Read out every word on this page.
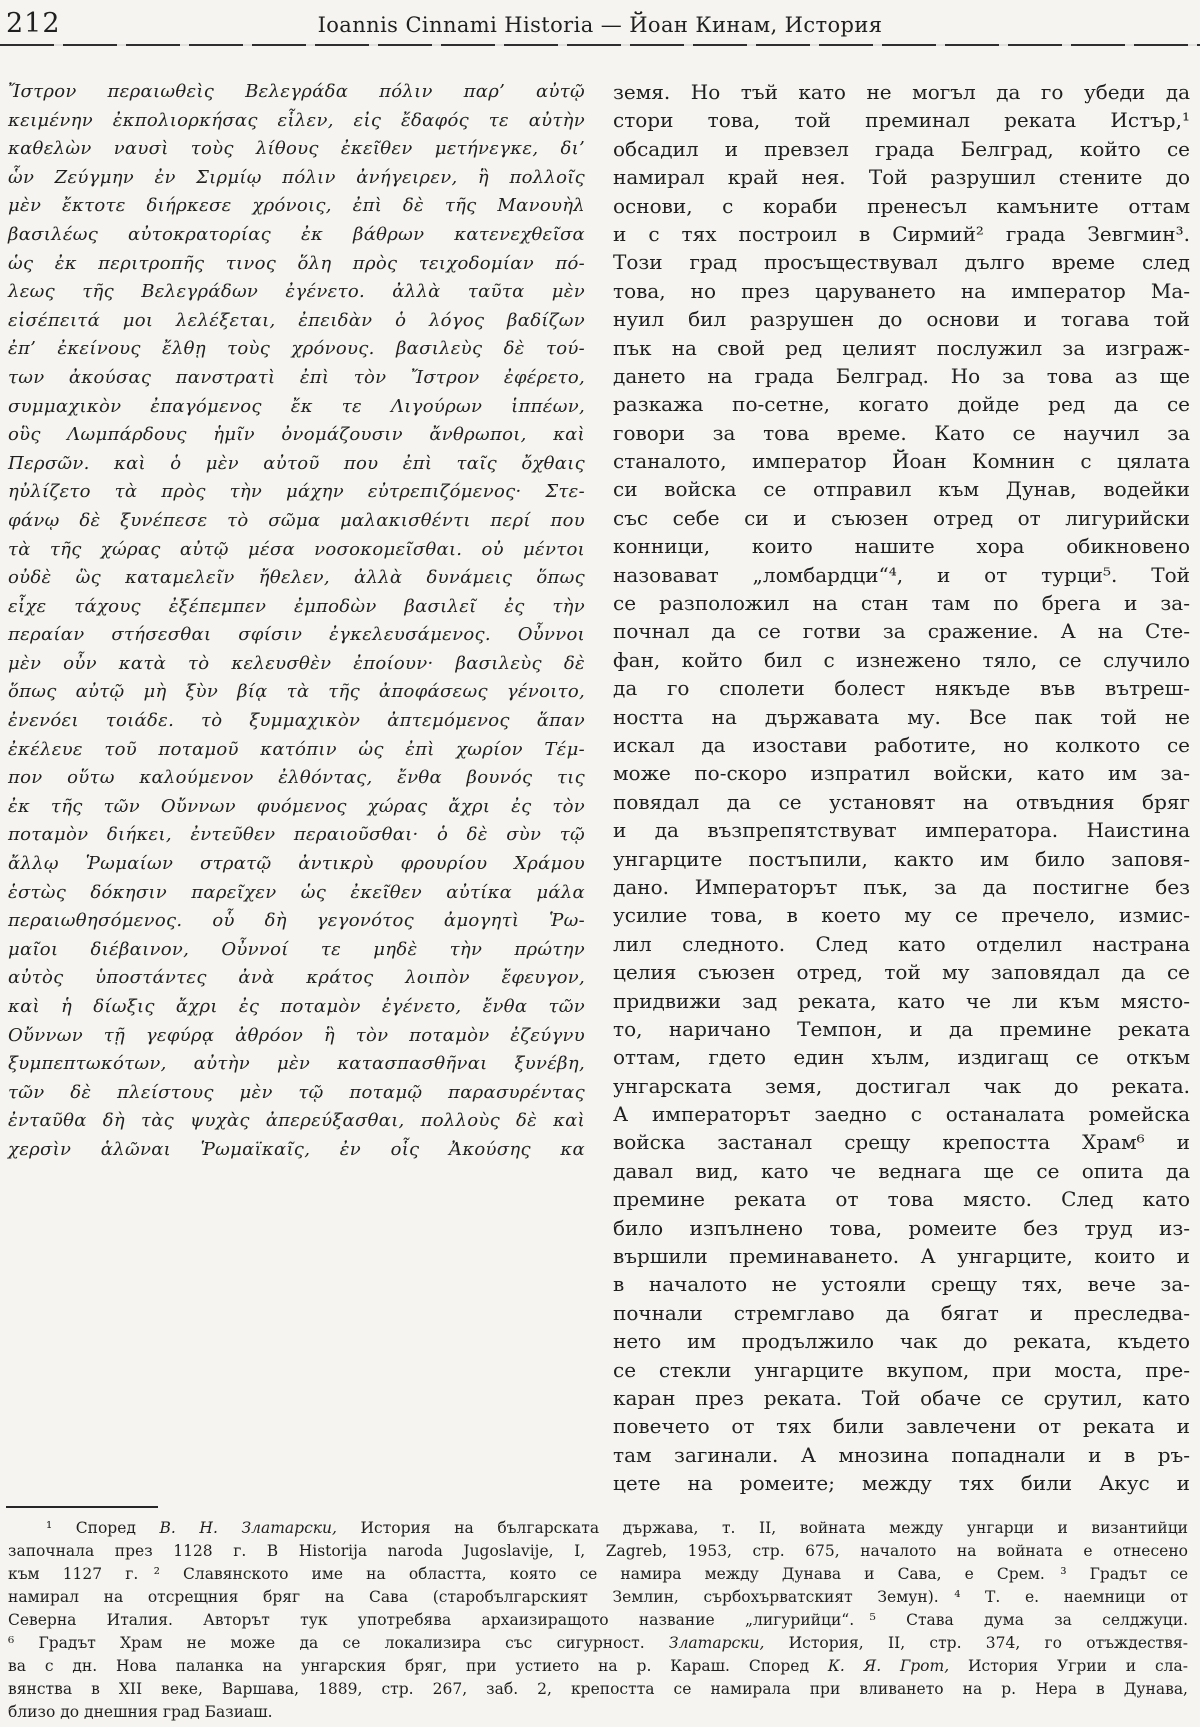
212	Ioannis Cinnami Historia — Йоан Кинам, История
Ἴστρον περαιωθεὶς Βελεγράδα πόλιν παρ’ αὐτῷ
κειμένην ἐκπολιορκήσας εἷλεν, εἰς ἔδαφός τε αὐτὴν
καθελὼν ναυσὶ τοὺς λίθους ἐκεῖθεν μετήνεγκε, δι’
ὧν Ζεύγμην ἐν Σιρμίῳ πόλιν ἀνήγειρεν, ἣ πολλοῖς
μὲν ἔκτοτε διήρκεσε χρόνοις, ἐπὶ δὲ τῆς Μανουὴλ
βασιλέως αὐτοκρατορίας ἐκ βάθρων κατενεχθεῖσα
ὡς ἐκ περιτροπῆς τινος ὅλη πρὸς τειχοδομίαν πό-
λεως τῆς Βελεγράδων ἐγένετο. ἀλλὰ ταῦτα μὲν
εἰσέπειτά μοι λελέξεται, ἐπειδὰν ὁ λόγος βαδίζων
ἐπ’ ἐκείνους ἔλθῃ τοὺς χρόνους. βασιλεὺς δὲ τού-
των ἀκούσας πανστρατὶ ἐπὶ τὸν Ἴστρον ἐφέρετο,
συμμαχικὸν ἐπαγόμενος ἔκ τε Λιγούρων ἱππέων,
οὓς Λωμπάρδους ἡμῖν ὀνομάζουσιν ἄνθρωποι, καὶ
Περσῶν. καὶ ὁ μὲν αὐτοῦ που ἐπὶ ταῖς ὄχθαις
ηὐλίζετο τὰ πρὸς τὴν μάχην εὐτρεπιζόμενος· Στε-
φάνῳ δὲ ξυνέπεσε τὸ σῶμα μαλακισθέντι περί που
τὰ τῆς χώρας αὐτῷ μέσα νοσοκομεῖσθαι. οὐ μέντοι
οὐδὲ ὣς καταμελεῖν ἤθελεν, ἀλλὰ δυνάμεις ὅπως
εἶχε τάχους ἐξέπεμπεν ἐμποδὼν βασιλεῖ ἐς τὴν
περαίαν στήσεσθαι σφίσιν ἐγκελευσάμενος. Οὖννοι
μὲν οὖν κατὰ τὸ κελευσθὲν ἐποίουν· βασιλεὺς δὲ
ὅπως αὐτῷ μὴ ξὺν βίᾳ τὰ τῆς ἀποφάσεως γένοιτο,
ἐνενόει τοιάδε. τὸ ξυμμαχικὸν ἀπτεμόμενος ἅπαν
ἐκέλευε τοῦ ποταμοῦ κατόπιν ὡς ἐπὶ χωρίον Τέμ-
πον οὕτω καλούμενον ἐλθόντας, ἔνθα βουνός τις
ἐκ τῆς τῶν Οὔννων φυόμενος χώρας ἄχρι ἐς τὸν
ποταμὸν διήκει, ἐντεῦθεν περαιοῦσθαι· ὁ δὲ σὺν τῷ
ἄλλῳ Ῥωμαίων στρατῷ ἀντικρὺ φρουρίου Χράμου
ἑστὼς δόκησιν παρεῖχεν ὡς ἐκεῖθεν αὐτίκα μάλα
περαιωθησόμενος. οὗ δὴ γεγονότος ἀμογητὶ Ῥω-
μαῖοι διέβαινον, Οὖννοί τε μηδὲ τὴν πρώτην
αὐτὸς ὑποστάντες ἀνὰ κράτος λοιπὸν ἔφευγον,
καὶ ἡ δίωξις ἄχρι ἐς ποταμὸν ἐγένετο, ἔνθα τῶν
Οὔννων τῇ γεφύρᾳ ἀθρόον ἣ τὸν ποταμὸν ἐζεύγνυ
ξυμπεπτωκότων, αὐτὴν μὲν κατασπασθῆναι ξυνέβη,
τῶν δὲ πλείστους μὲν τῷ ποταμῷ παρασυρέντας
ἐνταῦθα δὴ τὰς ψυχὰς ἀπερεύξασθαι, πολλοὺς δὲ καὶ
χερσὶν ἁλῶναι Ῥωμαϊκαῖς, ἐν οἷς Ἀκούσης κα
земя. Но тъй като не могъл да го убеди да
стори това, той преминал реката Истър,¹
обсадил и превзел града Белград, който се
намирал край нея. Той разрушил стените до
основи, с кораби пренесъл камъните оттам
и с тях построил в Сирмий² града Зевгмин³.
Този град просъществувал дълго време след
това, но през царуването на император Ма-
нуил бил разрушен до основи и тогава той
пък на свой ред целият послужил за изграж-
дането на града Белград. Но за това аз ще
разкажа по-сетне, когато дойде ред да се
говори за това време. Като се научил за
станалото, император Йоан Комнин с цялата
си войска се отправил към Дунав, водейки
със себе си и съюзен отред от лигурийски
конници, които нашите хора обикновено
назовават „ломбардци“⁴, и от турци⁵. Той
се разположил на стан там по брега и за-
почнал да се готви за сражение. А на Сте-
фан, който бил с изнежено тяло, се случило
да го сполети болест някъде във вътреш-
ността на държавата му. Все пак той не
искал да изостави работите, но колкото се
може по-скоро изпратил войски, като им за-
повядал да се установят на отвъдния бряг
и да възпрепятствуват императора. Наистина
унгарците постъпили, както им било заповя-
дано. Императорът пък, за да постигне без
усилие това, в което му се пречело, измис-
лил следното. След като отделил настрана
целия съюзен отред, той му заповядал да се
придвижи зад реката, като че ли към място-
то, наричано Темпон, и да премине реката
оттам, гдето един хълм, издигащ се откъм
унгарската земя, достигал чак до реката.
А императорът заедно с останалата ромейска
войска застанал срещу крепостта Храм⁶ и
давал вид, като че веднага ще се опита да
премине реката от това място. След като
било изпълнено това, ромеите без труд из-
вършили преминаването. А унгарците, които и
в началото не устояли срещу тях, вече за-
почнали стремглаво да бягат и преследва-
нето им продължило чак до реката, където
се стекли унгарците вкупом, при моста, пре-
каран през реката. Той обаче се срутил, като
повечето от тях били завлечени от реката и
там загинали. А мнозина попаднали и в ръ-
цете на ромеите; между тях били Акус и
¹ Според В. Н. Златарски, История на българската държава, т. II, войната между унгарци и византийци
започнала през 1128 г. В Historija naroda Jugoslavije, I, Zagreb, 1953, стр. 675, началото на войната е отнесено
към 1127 г.  ² Славянското име на областта, която се намира между Дунава и Сава, е Срем.  ³ Градът се
намирал на отсрещния бряг на Сава (старобългарският Землин, сърбохърватският Земун).  ⁴ Т. е. наемници от
Северна Италия. Авторът тук употребява архаизиращото название „лигурийци“.  ⁵ Става дума за селджуци.
⁶ Градът Храм не може да се локализира със сигурност. Златарски, История, II, стр. 374, го отъждествя-
ва с дн. Нова паланка на унгарския бряг, при устието на р. Караш. Според К. Я. Грот, История Угрии и сла-
вянства в XII веке, Варшава, 1889, стр. 267, заб. 2, крепостта се намирала при вливането на р. Нера в Дунава,
близо до днешния град Базиаш.
